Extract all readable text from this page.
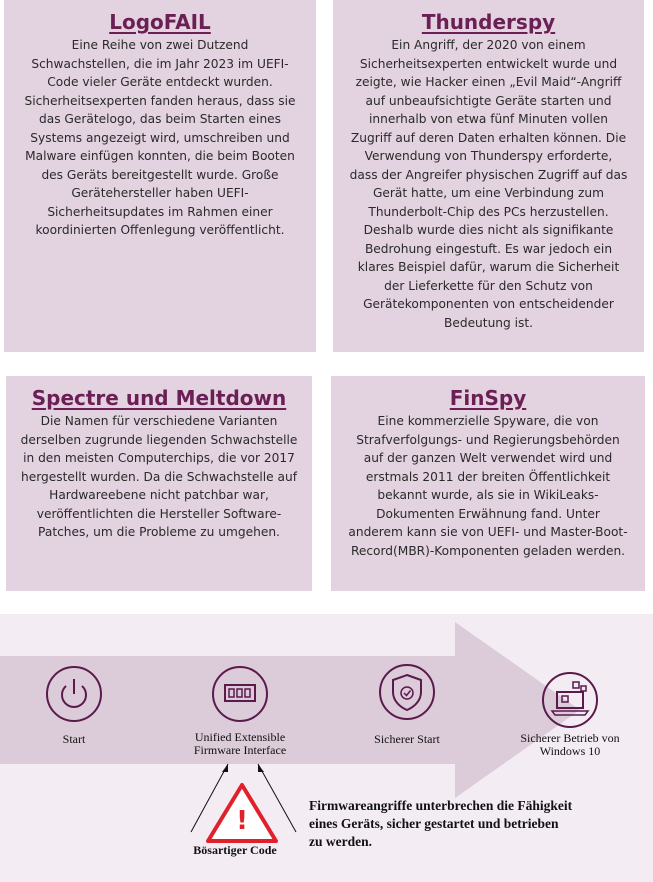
LogoFAIL

Eine Reihe von zwei Dutzend Schwachstellen, die im Jahr 2023 im UEFI-Code vieler Geräte entdeckt wurden. Sicherheitsexperten fanden heraus, dass sie das Gerätelogo, das beim Starten eines Systems angezeigt wird, umschreiben und Malware einfügen konnten, die beim Booten des Geräts bereitgestellt wurde. Große Gerätehersteller haben UEFI-Sicherheitsupdates im Rahmen einer koordinierten Offenlegung veröffentlicht.

Thunderspy

Ein Angriff, der 2020 von einem Sicherheitsexperten entwickelt wurde und zeigte, wie Hacker einen „Evil Maid“-Angriff auf unbeaufsichtigte Geräte starten und innerhalb von etwa fünf Minuten vollen Zugriff auf deren Daten erhalten können. Die Verwendung von Thunderspy erforderte, dass der Angreifer physischen Zugriff auf das Gerät hatte, um eine Verbindung zum Thunderbolt-Chip des PCs herzustellen. Deshalb wurde dies nicht als signifikante Bedrohung eingestuft. Es war jedoch ein klares Beispiel dafür, warum die Sicherheit der Lieferkette für den Schutz von Gerätekomponenten von entscheidender Bedeutung ist.

Spectre und Meltdown

Die Namen für verschiedene Varianten derselben zugrunde liegenden Schwachstelle in den meisten Computerchips, die vor 2017 hergestellt wurden. Da die Schwachstelle auf Hardwareebene nicht patchbar war, veröffentlichten die Hersteller Software-Patches, um die Probleme zu umgehen.

FinSpy

Eine kommerzielle Spyware, die von Strafverfolgungs- und Regierungsbehörden auf der ganzen Welt verwendet wird und erstmals 2011 der breiten Öffentlichkeit bekannt wurde, als sie in WikiLeaks-Dokumenten Erwähnung fand. Unter anderem kann sie von UEFI- und Master-Boot-Record(MBR)-Komponenten geladen werden.

Start	Unified Extensible
Firmware Interface
Sicherer Start	Sicherer Betrieb von
Windows 10
!
Bösartiger Code
Firmwareangriffe unterbrechen die Fähigkeit
eines Geräts, sicher gestartet und betrieben
zu werden.
